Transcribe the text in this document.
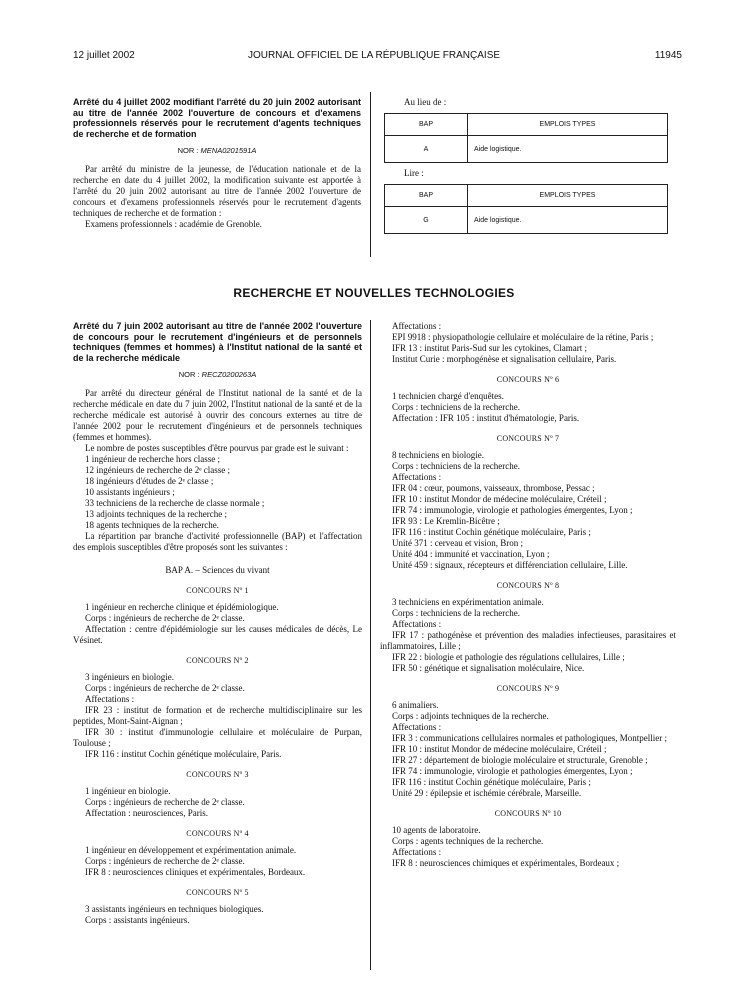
12 juillet 2002	JOURNAL OFFICIEL DE LA RÉPUBLIQUE FRANÇAISE	11945

Arrêté du 4 juillet 2002 modifiant l'arrêté du 20 juin 2002 autorisant au titre de l'année 2002 l'ouverture de concours et d'examens professionnels réservés pour le recrutement d'agents techniques de recherche et de formation

NOR : MENA0201591A

Par arrêté du ministre de la jeunesse, de l'éducation nationale et de la recherche en date du 4 juillet 2002, la modification suivante est apportée à l'arrêté du 20 juin 2002 autorisant au titre de l'année 2002 l'ouverture de concours et d'examens professionnels réservés pour le recrutement d'agents techniques de recherche et de formation :

Examens professionnels : académie de Grenoble.

Au lieu de :

BAP	EMPLOIS TYPES
A	Aide logistique.

Lire :

BAP	EMPLOIS TYPES
G	Aide logistique.
RECHERCHE ET NOUVELLES TECHNOLOGIES

Arrêté du 7 juin 2002 autorisant au titre de l'année 2002 l'ouverture de concours pour le recrutement d'ingénieurs et de personnels techniques (femmes et hommes) à l'Institut national de la santé et de la recherche médicale

NOR : RECZ0200263A

Par arrêté du directeur général de l'Institut national de la santé et de la recherche médicale en date du 7 juin 2002, l'Institut national de la santé et de la recherche médicale est autorisé à ouvrir des concours externes au titre de l'année 2002 pour le recrutement d'ingénieurs et de personnels techniques (femmes et hommes).

Le nombre de postes susceptibles d'être pourvus par grade est le suivant :

1 ingénieur de recherche hors classe ;

12 ingénieurs de recherche de 2ᵉ classe ;

18 ingénieurs d'études de 2ᵉ classe ;

10 assistants ingénieurs ;

33 techniciens de la recherche de classe normale ;

13 adjoints techniques de la recherche ;

18 agents techniques de la recherche.

La répartition par branche d'activité professionnelle (BAP) et l'affectation des emplois susceptibles d'être proposés sont les suivantes :

BAP A. – Sciences du vivant

CONCOURS Nº 1

1 ingénieur en recherche clinique et épidémiologique.

Corps : ingénieurs de recherche de 2ᵉ classe.

Affectation : centre d'épidémiologie sur les causes médicales de décès, Le Vésinet.

CONCOURS Nº 2

3 ingénieurs en biologie.

Corps : ingénieurs de recherche de 2ᵉ classe.

Affectations :

IFR 23 : institut de formation et de recherche multidisciplinaire sur les peptides, Mont-Saint-Aignan ;

IFR 30 : institut d'immunologie cellulaire et moléculaire de Purpan, Toulouse ;

IFR 116 : institut Cochin génétique moléculaire, Paris.

CONCOURS Nº 3

1 ingénieur en biologie.

Corps : ingénieurs de recherche de 2ᵉ classe.

Affectation : neurosciences, Paris.

CONCOURS Nº 4

1 ingénieur en développement et expérimentation animale.

Corps : ingénieurs de recherche de 2ᵉ classe.

IFR 8 : neurosciences cliniques et expérimentales, Bordeaux.

CONCOURS Nº 5

3 assistants ingénieurs en techniques biologiques.

Corps : assistants ingénieurs.

Affectations :

EPI 9918 : physiopathologie cellulaire et moléculaire de la rétine, Paris ;

IFR 13 : institut Paris-Sud sur les cytokines, Clamart ;

Institut Curie : morphogénèse et signalisation cellulaire, Paris.

CONCOURS Nº 6

1 technicien chargé d'enquêtes.

Corps : techniciens de la recherche.

Affectation : IFR 105 : institut d'hématologie, Paris.

CONCOURS Nº 7

8 techniciens en biologie.

Corps : techniciens de la recherche.

Affectations :

IFR 04 : cœur, poumons, vaisseaux, thrombose, Pessac ;

IFR 10 : institut Mondor de médecine moléculaire, Créteil ;

IFR 74 : immunologie, virologie et pathologies émergentes, Lyon ;

IFR 93 : Le Kremlin-Bicêtre ;

IFR 116 : institut Cochin génétique moléculaire, Paris ;

Unité 371 : cerveau et vision, Bron ;

Unité 404 : immunité et vaccination, Lyon ;

Unité 459 : signaux, récepteurs et différenciation cellulaire, Lille.

CONCOURS Nº 8

3 techniciens en expérimentation animale.

Corps : techniciens de la recherche.

Affectations :

IFR 17 : pathogénèse et prévention des maladies infectieuses, parasitaires et inflammatoires, Lille ;

IFR 22 : biologie et pathologie des régulations cellulaires, Lille ;

IFR 50 : génétique et signalisation moléculaire, Nice.

CONCOURS Nº 9

6 animaliers.

Corps : adjoints techniques de la recherche.

Affectations :

IFR 3 : communications cellulaires normales et pathologiques, Montpellier ;

IFR 10 : institut Mondor de médecine moléculaire, Créteil ;

IFR 27 : département de biologie moléculaire et structurale, Grenoble ;

IFR 74 : immunologie, virologie et pathologies émergentes, Lyon ;

IFR 116 : institut Cochin génétique moléculaire, Paris ;

Unité 29 : épilepsie et ischémie cérébrale, Marseille.

CONCOURS Nº 10

10 agents de laboratoire.

Corps : agents techniques de la recherche.

Affectations :

IFR 8 : neurosciences chimiques et expérimentales, Bordeaux ;
